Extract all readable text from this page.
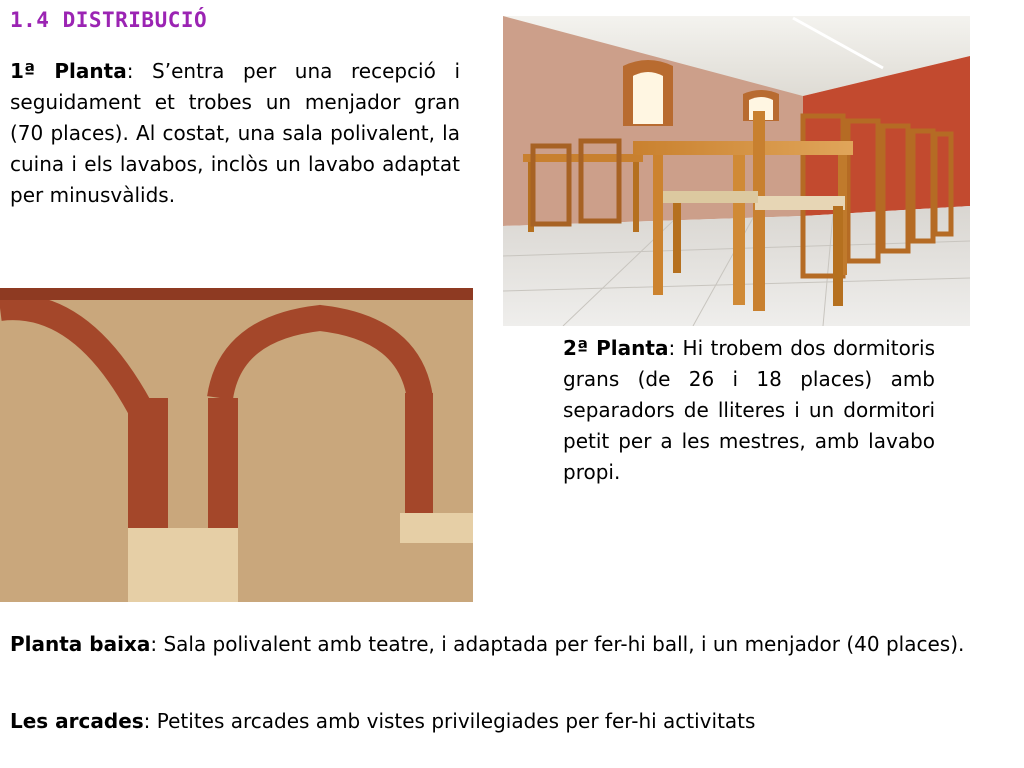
1.4 DISTRIBUCIÓ

1ª Planta: S’entra per una recepció i seguidament et trobes un menjador gran (70 places). Al costat, una sala polivalent, la cuina i els lavabos, inclòs un lavabo adaptat per minusvàlids.

2ª Planta: Hi trobem dos dormitoris grans (de 26 i 18 places) amb separadors de lliteres i un dormitori petit per a les mestres, amb lavabo propi.

Planta baixa: Sala polivalent amb teatre, i adaptada per fer-hi ball, i un menjador (40 places).

Les arcades: Petites arcades amb vistes privilegiades per fer-hi activitats
